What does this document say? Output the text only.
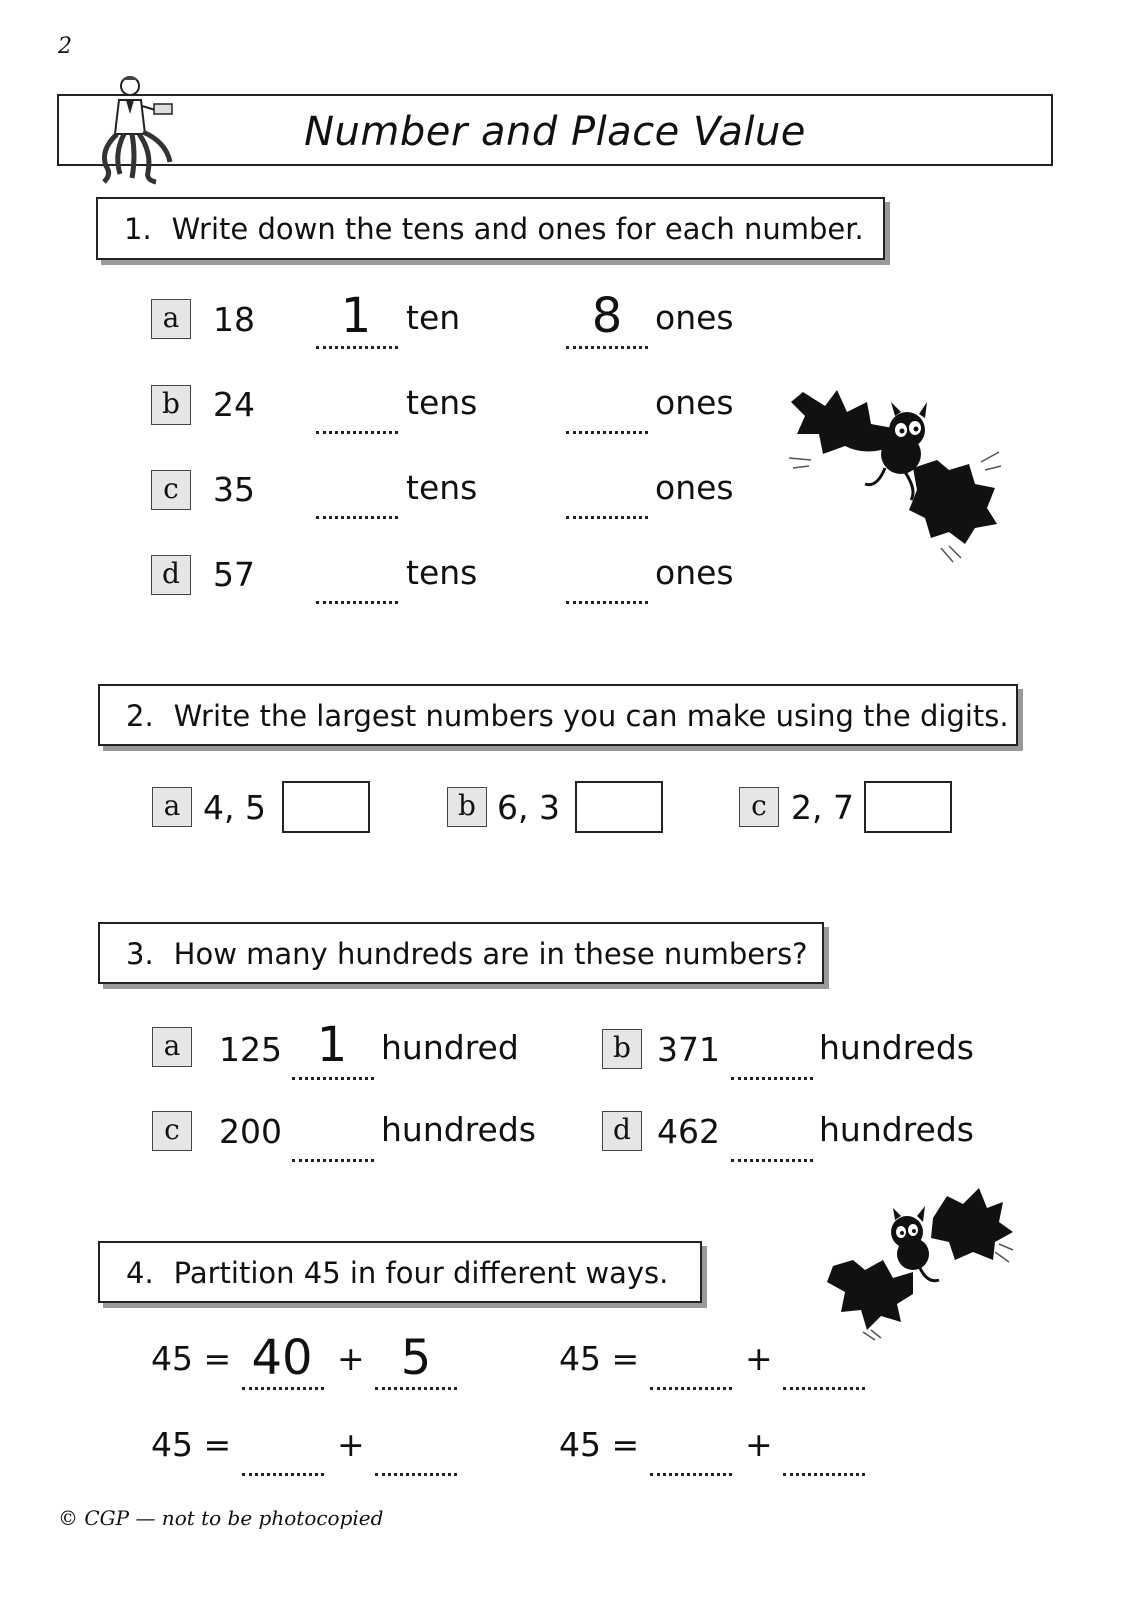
2
Number and Place Value
1. Write down the tens and ones for each number.
a	18	1	ten	8 ones
b	24	tens	ones
c	35	tens	ones
d	57	tens	ones
2. Write the largest numbers you can make using the digits.
a 4, 5	b 6, 3	c 2, 7
3. How many hundreds are in these numbers?
a	125 1	hundred	b 371	hundreds
c	200	hundreds	d 462	hundreds
4. Partition 45 in four different ways.
45 = 40 + 5	45 =	+
45 =	+	45 =	+
© CGP — not to be photocopied
